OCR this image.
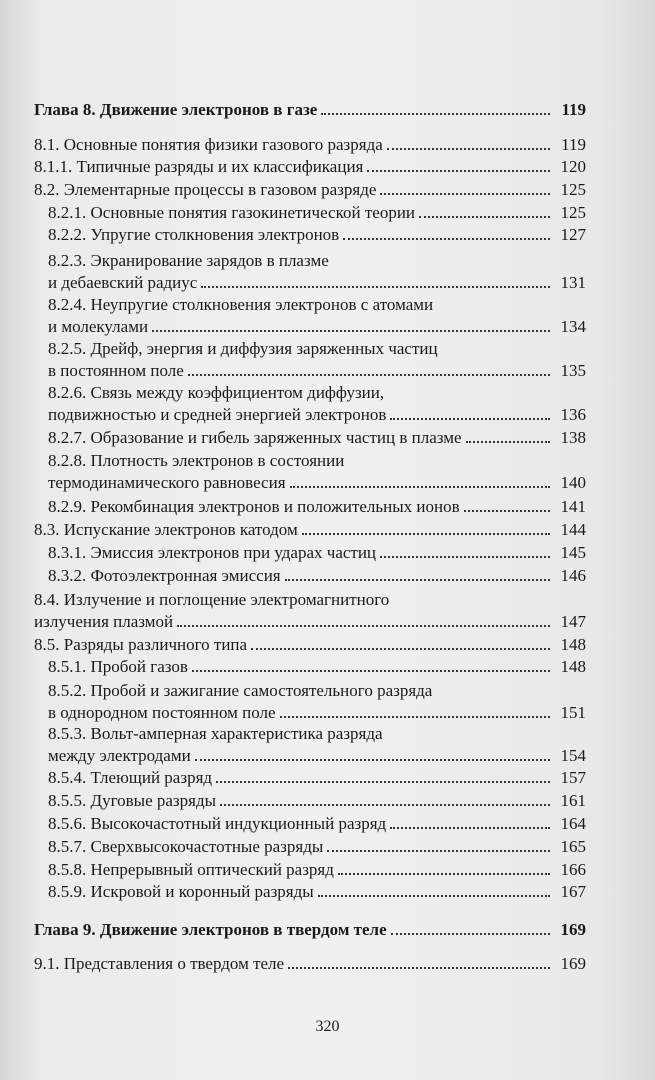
Глава 8. Движение электронов в газе	119
8.1. Основные понятия физики газового разряда	119
8.1.1. Типичные разряды и их классификация	120
8.2. Элементарные процессы в газовом разряде	125
8.2.1. Основные понятия газокинетической теории	125
8.2.2. Упругие столкновения электронов	127
8.2.3. Экранирование зарядов в плазме
и дебаевский радиус	131
8.2.4. Неупругие столкновения электронов с атомами
и молекулами	134
8.2.5. Дрейф, энергия и диффузия заряженных частиц
в постоянном поле	135
8.2.6. Связь между коэффициентом диффузии,
подвижностью и средней энергией электронов	136
8.2.7. Образование и гибель заряженных частиц в плазме	138
8.2.8. Плотность электронов в состоянии
термодинамического равновесия	140
8.2.9. Рекомбинация электронов и положительных ионов	141
8.3. Испускание электронов катодом	144
8.3.1. Эмиссия электронов при ударах частиц	145
8.3.2. Фотоэлектронная эмиссия	146
8.4. Излучение и поглощение электромагнитного
излучения плазмой	147
8.5. Разряды различного типа	148
8.5.1. Пробой газов	148
8.5.2. Пробой и зажигание самостоятельного разряда
в однородном постоянном поле	151
8.5.3. Вольт-амперная характеристика разряда
между электродами	154
8.5.4. Тлеющий разряд	157
8.5.5. Дуговые разряды	161
8.5.6. Высокочастотный индукционный разряд	164
8.5.7. Сверхвысокочастотные разряды	165
8.5.8. Непрерывный оптический разряд	166
8.5.9. Искровой и коронный разряды	167
Глава 9. Движение электронов в твердом теле	169
9.1. Представления о твердом теле	169
320
